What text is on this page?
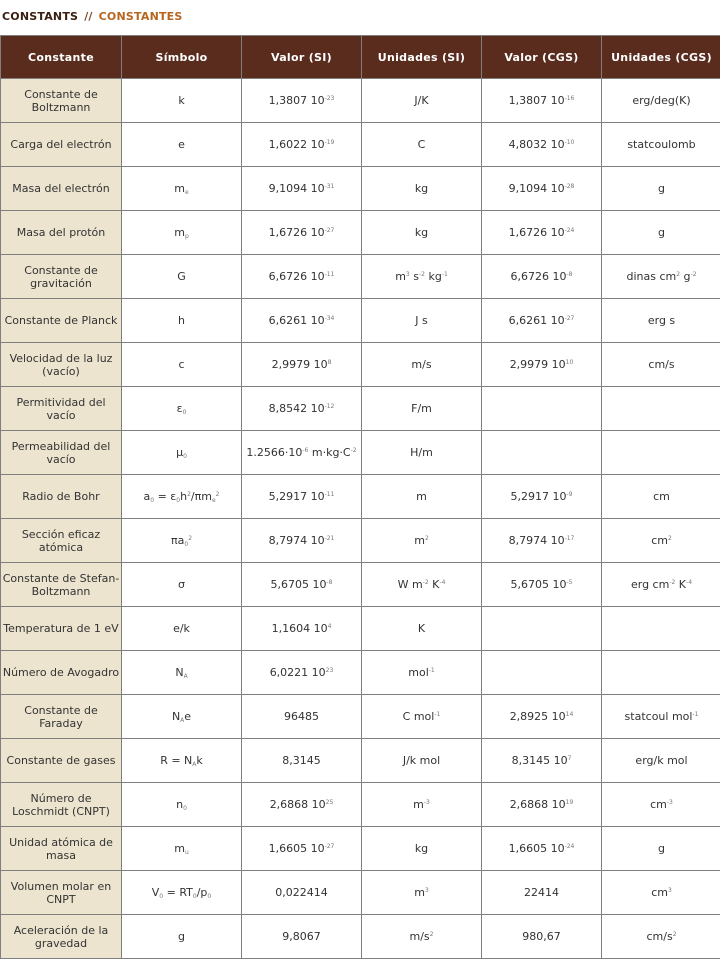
CONSTANTS // CONSTANTES
Constante	Símbolo	Valor (SI)	Unidades (SI)	Valor (CGS)	Unidades (CGS)
Constante de Boltzmann	k	1,3807 $10^{-23}$	J/K	1,3807 $10^{-16}$	erg/deg(K)
Carga del electrón	e	1,6022 $10^{-19}$	C	4,8032 $10^{-10}$	statcoulomb
Masa del electrón	$m_e$	9,1094 $10^{-31}$	kg	9,1094 $10^{-28}$	g
Masa del protón	$m_p$	1,6726 $10^{-27}$	kg	1,6726 $10^{-24}$	g
Constante de gravitación	G	6,6726 $10^{-11}$	$m^3$ $s^{-2}$ $kg^{-1}$	6,6726 $10^{-8}$	dinas $cm^2$ $g^{-2}$
Constante de Planck	h	6,6261 $10^{-34}$	J s	6,6261 $10^{-27}$	erg s
Velocidad de la luz (vacío)	c	2,9979 $10^8$	m/s	2,9979 $10^{10}$	cm/s
Permitividad del vacío	$\varepsilon_0$	8,8542 $10^{-12}$	F/m		
Permeabilidad del vacío	$\mu_0$	$1.2566\cdot 10^{-6}$ $m\cdot kg\cdot C^{-2}$	H/m		
Radio de Bohr	$a_0 = \varepsilon_0h^2/\pi m_e^2$	5,2917 $10^{-11}$	m	5,2917 $10^{-9}$	cm
Sección eficaz atómica	$\pi a_0^2$	8,7974 $10^{-21}$	$m^2$	8,7974 $10^{-17}$	$cm^2$
Constante de Stefan-Boltzmann	σ	5,6705 $10^{-8}$	W $m^{-2}$ $K^{-4}$	5,6705 $10^{-5}$	erg $cm^{-2}$ $K^{-4}$
Temperatura de 1 eV	e/k	1,1604 $10^4$	K		
Número de Avogadro	$N_A$	6,0221 $10^{23}$	mol$^{-1}$		
Constante de Faraday	$N_Ae$	96485	C mol$^{-1}$	2,8925 $10^{14}$	statcoul mol$^{-1}$
Constante de gases	$R = N_Ak$	8,3145	J/k mol	8,3145 $10^7$	erg/k mol
Número de Loschmidt (CNPT)	$n_0$	2,6868 $10^{25}$	$m^{-3}$	2,6868 $10^{19}$	$cm^{-3}$
Unidad atómica de masa	$m_u$	1,6605 $10^{-27}$	kg	1,6605 $10^{-24}$	g
Volumen molar en CNPT	$V_0 = RT_0/p_0$	0,022414	$m^3$	22414	$cm^3$
Aceleración de la gravedad	g	9,8067	$m/s^2$	980,67	$cm/s^2$
